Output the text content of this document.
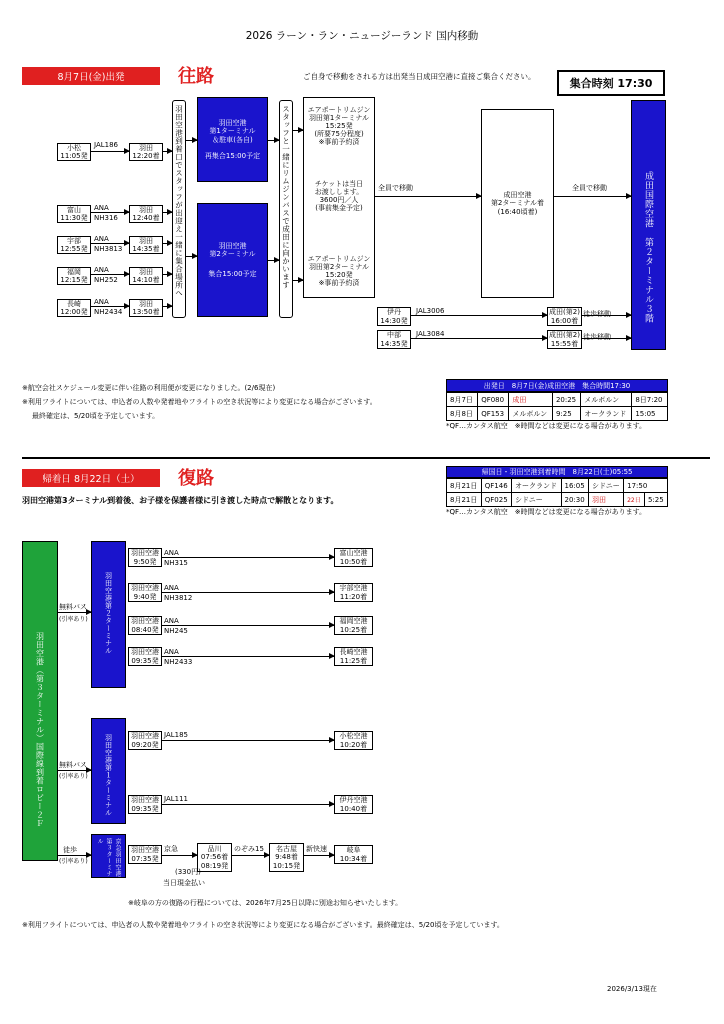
2026 ラーン・ラン・ニュージーランド 国内移動
8月7日(金)出発	往路	ご自身で移動をされる方は出発当日成田空港に直接ご集合ください。
集合時刻 17:30
小松
11:05発
JAL186	羽田
12:20着
富山
11:30発
ANA
NH316
羽田
12:40着
宇部
12:55発
ANA
NH3813
羽田
14:35着
福岡
12:15発
ANA
NH252
羽田
14:10着
長崎
12:00発
ANA
NH2434
羽田
13:50着
羽田空港到着口でスタッフが出迎え一緒に集合場所へ	羽田空港
第1ターミナル
＆駐車(各自)
再集合15:00予定
羽田空港
第2ターミナル
集合15:00予定	スタッフと一緒にリムジンバスで成田に向かいます エアポートリムジン
羽田第1ターミナル
15:25発
(所要75分程度)
※事前予約済
チケットは当日
お渡しします。
3600円／人
(事前集金予定)
エアポートリムジン
羽田第2ターミナル
15:20発
※事前予約済
全員で移動
成田空港
第2ターミナル着
(16:40頃着)
全員で移動	成田国際空港　第２ターミナル３階
伊丹
14:30発
JAL3006	成田(第2)
16:00着
徒歩移動
中部
14:35発
JAL3084	成田(第2)
15:55着
徒歩移動
※航空会社スケジュール変更に伴い往路の利用便が変更になりました。(2/6現在)
※利用フライトについては、申込者の人数や発着地やフライトの空き状況等により変更になる場合がございます。
最終確定は、5/20頃を予定しています。
出発日　8月7日(金)成田空港　集合時間17:30
8月7日	QF080	成田	20:25	メルボルン	8日7:20
8月8日	QF153	メルボルン	9:25	オークランド	15:05
*QF…カンタス航空　※時間などは変更になる場合があります。
帰着日 8月22日（土）	復路
羽田空港第3ターミナル到着後、お子様を保護者様に引き渡した時点で解散となります。
帰国日・羽田空港到着時間　8月22日(土)05:55
8月21日	QF146	オークランド	16:05	シドニー	17:50	
8月21日	QF025	シドニー	20:30	羽田	22日	5:25
*QF…カンタス航空　※時間などは変更になる場合があります。
羽田空港（第３ターミナル）国際線到着ロビー２Ｆ
無料バス
(引率あり)
無料バス
(引率あり)
徒歩
(引率あり)
羽田空港第２ターミナル
羽田空港第１ターミナル
京急羽田空港第３ターミナル
羽田空港
9:50発
ANA
NH315
富山空港
10:50着
羽田空港
9:40発
ANA
NH3812
宇部空港
11:20着
羽田空港
08:40発
ANA
NH245
福岡空港
10:25着
羽田空港
09:35発
ANA
NH2433
長崎空港
11:25着
羽田空港
09:20発
JAL185	小松空港
10:20着
羽田空港
09:35発
JAL111	伊丹空港
10:40着
羽田空港
07:35発
京急	品川
07:56着
08:19発
のぞみ15 名古屋
9:48着
10:15発
新快速	岐阜
10:34着
(330円)
当日現金払い
※岐阜の方の復路の行程については、2026年7月25日以降に別途お知らせいたします。
※利用フライトについては、申込者の人数や発着地やフライトの空き状況等により変更になる場合がございます。最終確定は、5/20頃を予定しています。
2026/3/13現在
